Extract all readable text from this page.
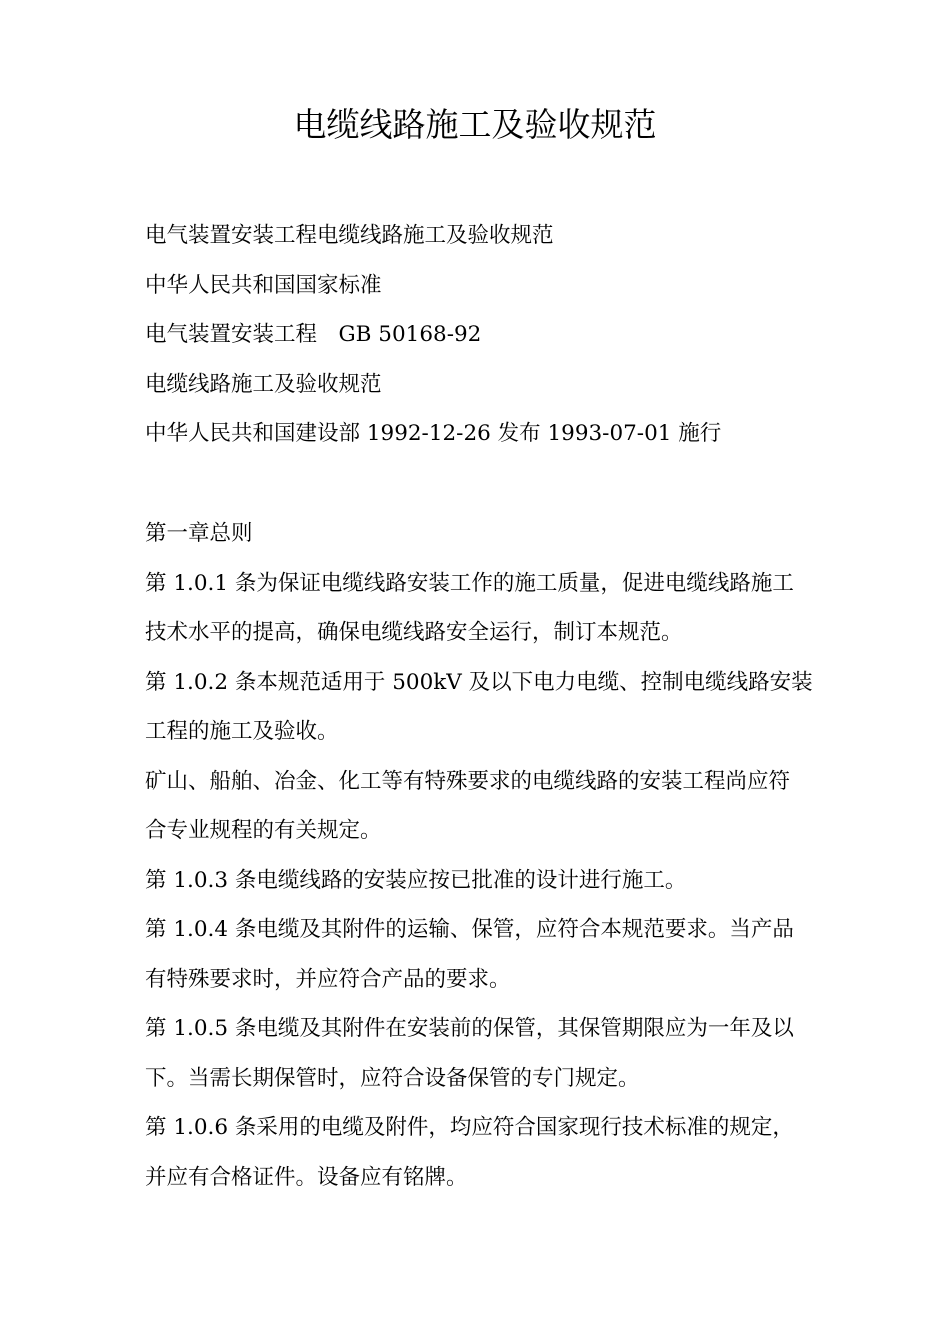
电缆线路施工及验收规范

电气装置安装工程电缆线路施工及验收规范

中华人民共和国国家标准

电气装置安装工程　GB 50168-92

电缆线路施工及验收规范

中华人民共和国建设部 1992-12-26 发布 1993-07-01 施行

第一章总则

第 1.0.1 条为保证电缆线路安装工作的施工质量，促进电缆线路施工

技术水平的提高，确保电缆线路安全运行，制订本规范。

第 1.0.2 条本规范适用于 500kV 及以下电力电缆、控制电缆线路安装

工程的施工及验收。

矿山、船舶、冶金、化工等有特殊要求的电缆线路的安装工程尚应符

合专业规程的有关规定。

第 1.0.3 条电缆线路的安装应按已批准的设计进行施工。

第 1.0.4 条电缆及其附件的运输、保管，应符合本规范要求。当产品

有特殊要求时，并应符合产品的要求。

第 1.0.5 条电缆及其附件在安装前的保管，其保管期限应为一年及以

下。当需长期保管时，应符合设备保管的专门规定。

第 1.0.6 条采用的电缆及附件，均应符合国家现行技术标准的规定，

并应有合格证件。设备应有铭牌。
